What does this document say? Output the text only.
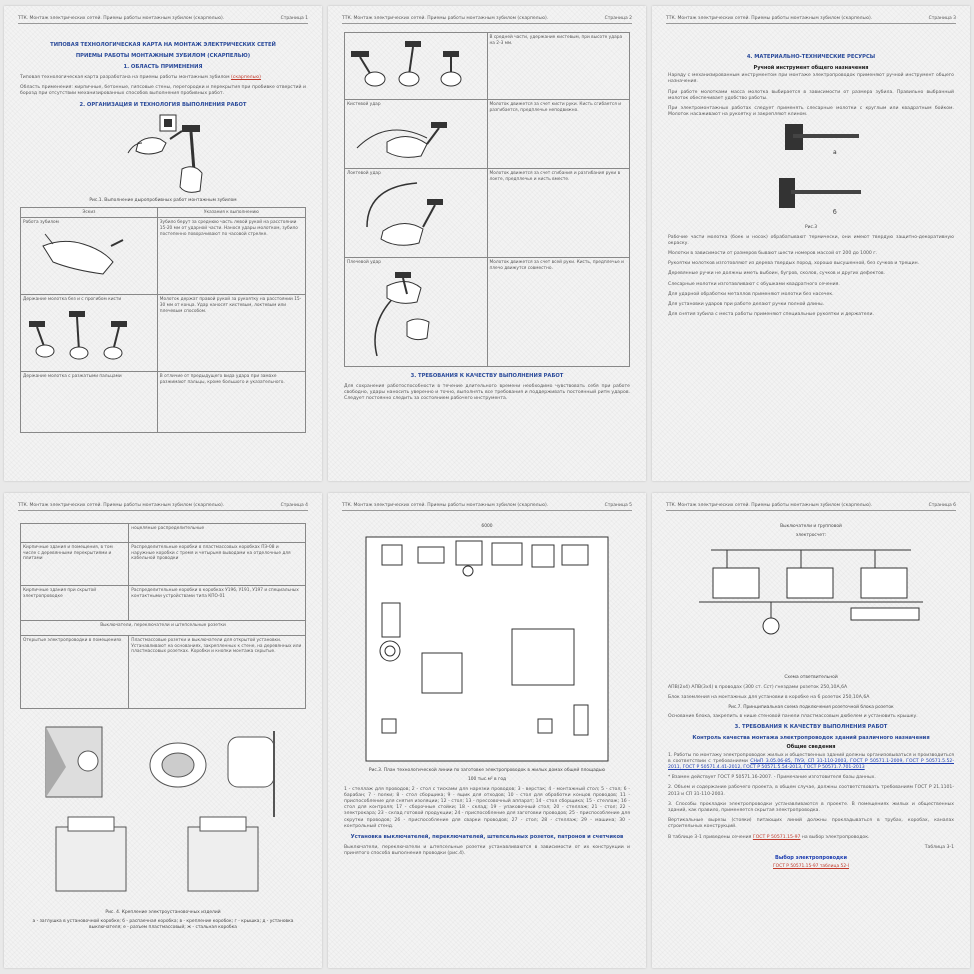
ТТК. Монтаж электрических сетей. Приемы работы монтажным зубилом (скарпелью).	Страница 1
ТИПОВАЯ ТЕХНОЛОГИЧЕСКАЯ КАРТА НА МОНТАЖ ЭЛЕКТРИЧЕСКИХ СЕТЕЙ
ПРИЕМЫ РАБОТЫ МОНТАЖНЫМ ЗУБИЛОМ (СКАРПЕЛЬЮ)
1. ОБЛАСТЬ ПРИМЕНЕНИЯ
Типовая технологическая карта разработана на приемы работы монтажным зубилом (скарпелью)
Область применения: кирпичные, бетонные, гипсовые стены, перегородки и перекрытия при пробивке отверстий и борозд при отсутствии механизированных способов выполнения пробивных работ.
2. ОРГАНИЗАЦИЯ И ТЕХНОЛОГИЯ ВЫПОЛНЕНИЯ РАБОТ
Рис.1. Выполнение дыропробивных работ монтажным зубилом
Эскиз	Указания к выполнению

Работа зубилом	Зубило берут за среднюю часть левой рукой на расстоянии 15-20 мм от ударной части. Нанося удары молотком, зубило постепенно поворачивают по часовой стрелке.

Держание молотка без и с прогибом кисти	Молоток держат правой рукой за рукоятку на расстоянии 15-30 мм от конца. Удар наносят кистевым, локтевым или плечевым способом.
Держание молотка с разжатыми пальцами	В отличие от предыдущего вида удара при замахе разжимают пальцы, кроме большого и указательного.
ТТК. Монтаж электрических сетей. Приемы работы монтажным зубилом (скарпелью).	Страница 2
	В средней части, удержание кистевым, при высоте удара на 2-3 мм.

Кистевой удар	Молоток движется за счет кисти руки. Кисть сгибается и разгибается, предплечье неподвижно.

Локтевой удар	Молоток движется за счет сгибания и разгибания руки в локте, предплечье и кисть вместе.

Плечевой удар	Молоток движется за счет всей руки. Кисть, предплечье и плечо движутся совместно.
3. ТРЕБОВАНИЯ К КАЧЕСТВУ ВЫПОЛНЕНИЯ РАБОТ
Для сохранения работоспособности в течение длительного времени необходимо чувствовать себя при работе свободно, удары наносить уверенно и точно, выполнять все требования и поддерживать постоянный ритм ударов. Следует постоянно следить за состоянием рабочего инструмента.
ТТК. Монтаж электрических сетей. Приемы работы монтажным зубилом (скарпелью).	Страница 3
4. МАТЕРИАЛЬНО-ТЕХНИЧЕСКИЕ РЕСУРСЫ
Ручной инструмент общего назначения
Наряду с механизированным инструментом при монтаже электропроводок применяют ручной инструмент общего назначения.
При работе молотками масса молотка выбирается в зависимости от размера зубила. Правильно выбранный молоток обеспечивает удобство работы.
При электромонтажных работах следует применять слесарные молотки с круглым или квадратным бойком. Молоток насаживают на рукоятку и закрепляют клином.
а
б
Рис.3
Рабочие части молотка (боек и носок) обрабатывают термически, они имеют твердую защитно-декоративную окраску.
Молотки в зависимости от размеров бывают шести номеров массой от 200 до 1000 г.
Рукоятки молотков изготовляют из дерева твердых пород, хорошо высушенной, без сучков и трещин.
Деревянные ручки не должны иметь выбоин, бугров, сколов, сучков и других дефектов.
Слесарные молотки изготавливают с обушками квадратного сечения.
Для ударной обработки металлов применяют молотки без насечек.
Для установки ударов при работе делают ручки полной длины.
Для снятия зубила с места работы применяют специальные рукоятки и держатели.
ТТК. Монтаж электрических сетей. Приемы работы монтажным зубилом (скарпелью).	Страница 4
	ноцеляные распределительные
Кирпичные здания и помещения, в том числе с деревянными перекрытиями и плитами	Распределительные коробки в пластмассовых коробках ПЭ-08 и наружные коробки с тремя и четырьмя выводами на отделочные для кабельной проводки
Кирпичные здания при скрытой электропроводке	Распределительные коробки в коробках У196, У191, У197 и специальных контактными устройствами типа КПО-01
Выключатели, переключатели и штепсельные розетки	
Открытые электропроводки в помещениях	Пластмассовые розетки и выключатели для открытой установки. Устанавливают на основаниях, закрепленных к стене, на деревянных или пластмассовых розетках. Коробки и кнопки монтажа скрытые.
Рис. 4. Крепление электроустановочных изделий
а - заглушка в установочной коробке; б - распаечная коробка; в - крепление коробок; г - крышка; д - установка выключателя; е - разъем пластмассовый; ж - стальная коробка
ТТК. Монтаж электрических сетей. Приемы работы монтажным зубилом (скарпелью).	Страница 5
6000
Рис.3. План технологической линии по заготовке электропроводок в жилых домах общей площадью
100 тыс.м² в год
1 - стеллаж для проводов; 2 - стол с тисками для нарезки проводов; 3 - верстак; 4 - монтажный стол; 5 - стол; 6 - барабан; 7 - полки; 8 - стол сборщика; 9 - ящик для отходов; 10 - стол для обработки концов проводов; 11 - приспособление для снятия изоляции; 12 - стол; 13 - прессовочный аппарат; 14 - стол сборщика; 15 - стеллаж; 16 - стол для контроля; 17 - сборочные стойки; 18 - склад; 19 - упаковочный стол; 20 - стеллаж; 21 - стол; 22 - электрокара; 23 - склад готовой продукции; 24 - приспособление для заготовки проводов; 25 - приспособление для скрутки проводов; 26 - приспособление для сварки проводов; 27 - стол; 28 - стеллаж; 29 - машина; 30 - контрольный стенд.
Установка выключателей, переключателей, штепсельных розеток, патронов и счетчиков
Выключатели, переключатели и штепсельные розетки устанавливаются в зависимости от их конструкции и принятого способа выполнения проводки (рис.4).
ТТК. Монтаж электрических сетей. Приемы работы монтажным зубилом (скарпелью).	Страница 6
Выключатели и групповой
электросчет:
Схема ответвительной
АПВ(2x4) АПВ(3x4) в проводах (300 ст. Сст) гнездами розеток 250,10А,6A
Блок заземления на монтажных для установки в коробке на 6 розеток 250,10А,6A
Рис.7. Принципиальная схема подключения розеточной блока розеток
Основание блока, закрепить в нише стеновой панели пластмассовым дюбелем и установить крышку.
3. ТРЕБОВАНИЯ К КАЧЕСТВУ ВЫПОЛНЕНИЯ РАБОТ
Контроль качества монтажа электропроводок зданий различного назначения
Общие сведения
1. Работы по монтажу электропроводок жилых и общественных зданий должны организовываться и производиться в соответствии с требованиями СНиП 3.05.06-85, ПУЭ, СП 31-110-2003, ГОСТ Р 50571.1-2009, ГОСТ Р 50571.5.52-2011, ГОСТ Р 50571.4.41-2012, ГОСТ Р 50571.5.54-2013, ГОСТ Р 50571.7.701-2013
* Взамен действует ГОСТ Р 50571.16-2007. - Примечание изготовителя базы данных.
2. Объем и содержание рабочего проекта, в общем случае, должны соответствовать требованиям ГОСТ Р 21.1101-2013 и СП 31-110-2003.
3. Способы прокладки электропроводки устанавливаются в проекте. В помещениях жилых и общественных зданий, как правило, применяется скрытая электропроводка.
Вертикальные вырезы (стояки) питающих линий должны прокладываться в трубах, коробах, каналах строительных конструкций.
В таблице 3-1 приведены сечения ГОСТ Р 50571.15-97 на выбор электропроводок.
Таблица 3-1
Выбор электропроводки
ГОСТ Р 50571.15-97 таблица 52-I
